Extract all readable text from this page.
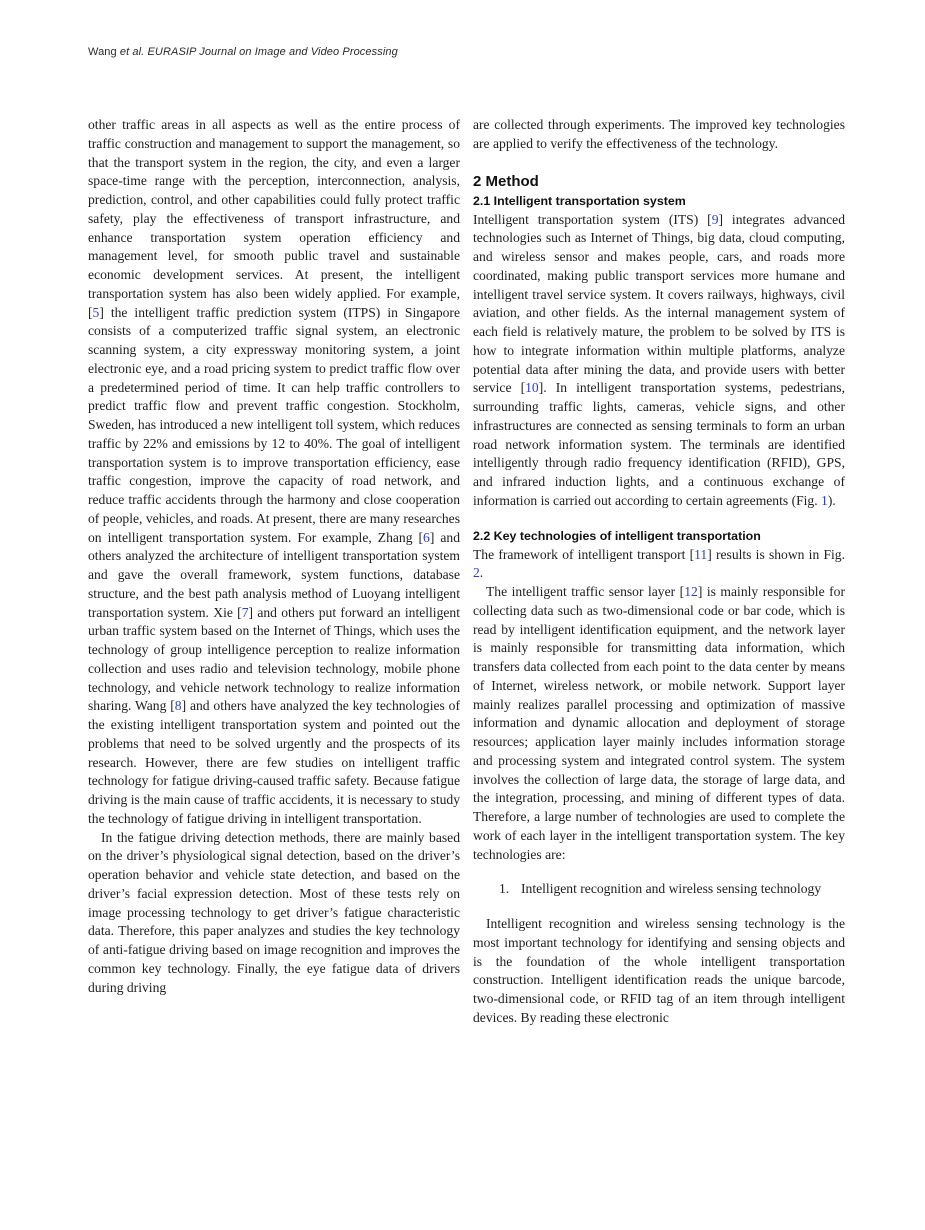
Wang et al. EURASIP Journal on Image and Video Processing

other traffic areas in all aspects as well as the entire process of traffic construction and management to support the management, so that the transport system in the region, the city, and even a larger space-time range with the perception, interconnection, analysis, prediction, control, and other capabilities could fully protect traffic safety, play the effectiveness of transport infrastructure, and enhance transportation system operation efficiency and management level, for smooth public travel and sustainable economic development services. At present, the intelligent transportation system has also been widely applied. For example, [5] the intelligent traffic prediction system (ITPS) in Singapore consists of a computerized traffic signal system, an electronic scanning system, a city expressway monitoring system, a joint electronic eye, and a road pricing system to predict traffic flow over a predetermined period of time. It can help traffic controllers to predict traffic flow and prevent traffic congestion. Stockholm, Sweden, has introduced a new intelligent toll system, which reduces traffic by 22% and emissions by 12 to 40%. The goal of intelligent transportation system is to improve transportation efficiency, ease traffic congestion, improve the capacity of road network, and reduce traffic accidents through the harmony and close cooperation of people, vehicles, and roads. At present, there are many researches on intelligent transportation system. For example, Zhang [6] and others analyzed the architecture of intelligent transportation system and gave the overall framework, system functions, database structure, and the best path analysis method of Luoyang intelligent transportation system. Xie [7] and others put forward an intelligent urban traffic system based on the Internet of Things, which uses the technology of group intelligence perception to realize information collection and uses radio and television technology, mobile phone technology, and vehicle network technology to realize information sharing. Wang [8] and others have analyzed the key technologies of the existing intelligent transportation system and pointed out the problems that need to be solved urgently and the prospects of its research. However, there are few studies on intelligent traffic technology for fatigue driving-caused traffic safety. Because fatigue driving is the main cause of traffic accidents, it is necessary to study the technology of fatigue driving in intelligent transportation.

In the fatigue driving detection methods, there are mainly based on the driver’s physiological signal detection, based on the driver’s operation behavior and vehicle state detection, and based on the driver’s facial expression detection. Most of these tests rely on image processing technology to get driver’s fatigue characteristic data. Therefore, this paper analyzes and studies the key technology of anti-fatigue driving based on image recognition and improves the common key technology. Finally, the eye fatigue data of drivers during driving

are collected through experiments. The improved key technologies are applied to verify the effectiveness of the technology.

2 Method
2.1 Intelligent transportation system

Intelligent transportation system (ITS) [9] integrates advanced technologies such as Internet of Things, big data, cloud computing, and wireless sensor and makes people, cars, and roads more coordinated, making public transport services more humane and intelligent travel service system. It covers railways, highways, civil aviation, and other fields. As the internal management system of each field is relatively mature, the problem to be solved by ITS is how to integrate information within multiple platforms, analyze potential data after mining the data, and provide users with better service [10]. In intelligent transportation systems, pedestrians, surrounding traffic lights, cameras, vehicle signs, and other infrastructures are connected as sensing terminals to form an urban road network information system. The terminals are identified intelligently through radio frequency identification (RFID), GPS, and infrared induction lights, and a continuous exchange of information is carried out according to certain agreements (Fig. 1).

2.2 Key technologies of intelligent transportation

The framework of intelligent transport [11] results is shown in Fig. 2.

The intelligent traffic sensor layer [12] is mainly responsible for collecting data such as two-dimensional code or bar code, which is read by intelligent identification equipment, and the network layer is mainly responsible for transmitting data information, which transfers data collected from each point to the data center by means of Internet, wireless network, or mobile network. Support layer mainly realizes parallel processing and optimization of massive information and dynamic allocation and deployment of storage resources; application layer mainly includes information storage and processing system and integrated control system. The system involves the collection of large data, the storage of large data, and the integration, processing, and mining of different types of data. Therefore, a large number of technologies are used to complete the work of each layer in the intelligent transportation system. The key technologies are:

1. Intelligent recognition and wireless sensing technology

Intelligent recognition and wireless sensing technology is the most important technology for identifying and sensing objects and is the foundation of the whole intelligent transportation construction. Intelligent identification reads the unique barcode, two-dimensional code, or RFID tag of an item through intelligent devices. By reading these electronic
